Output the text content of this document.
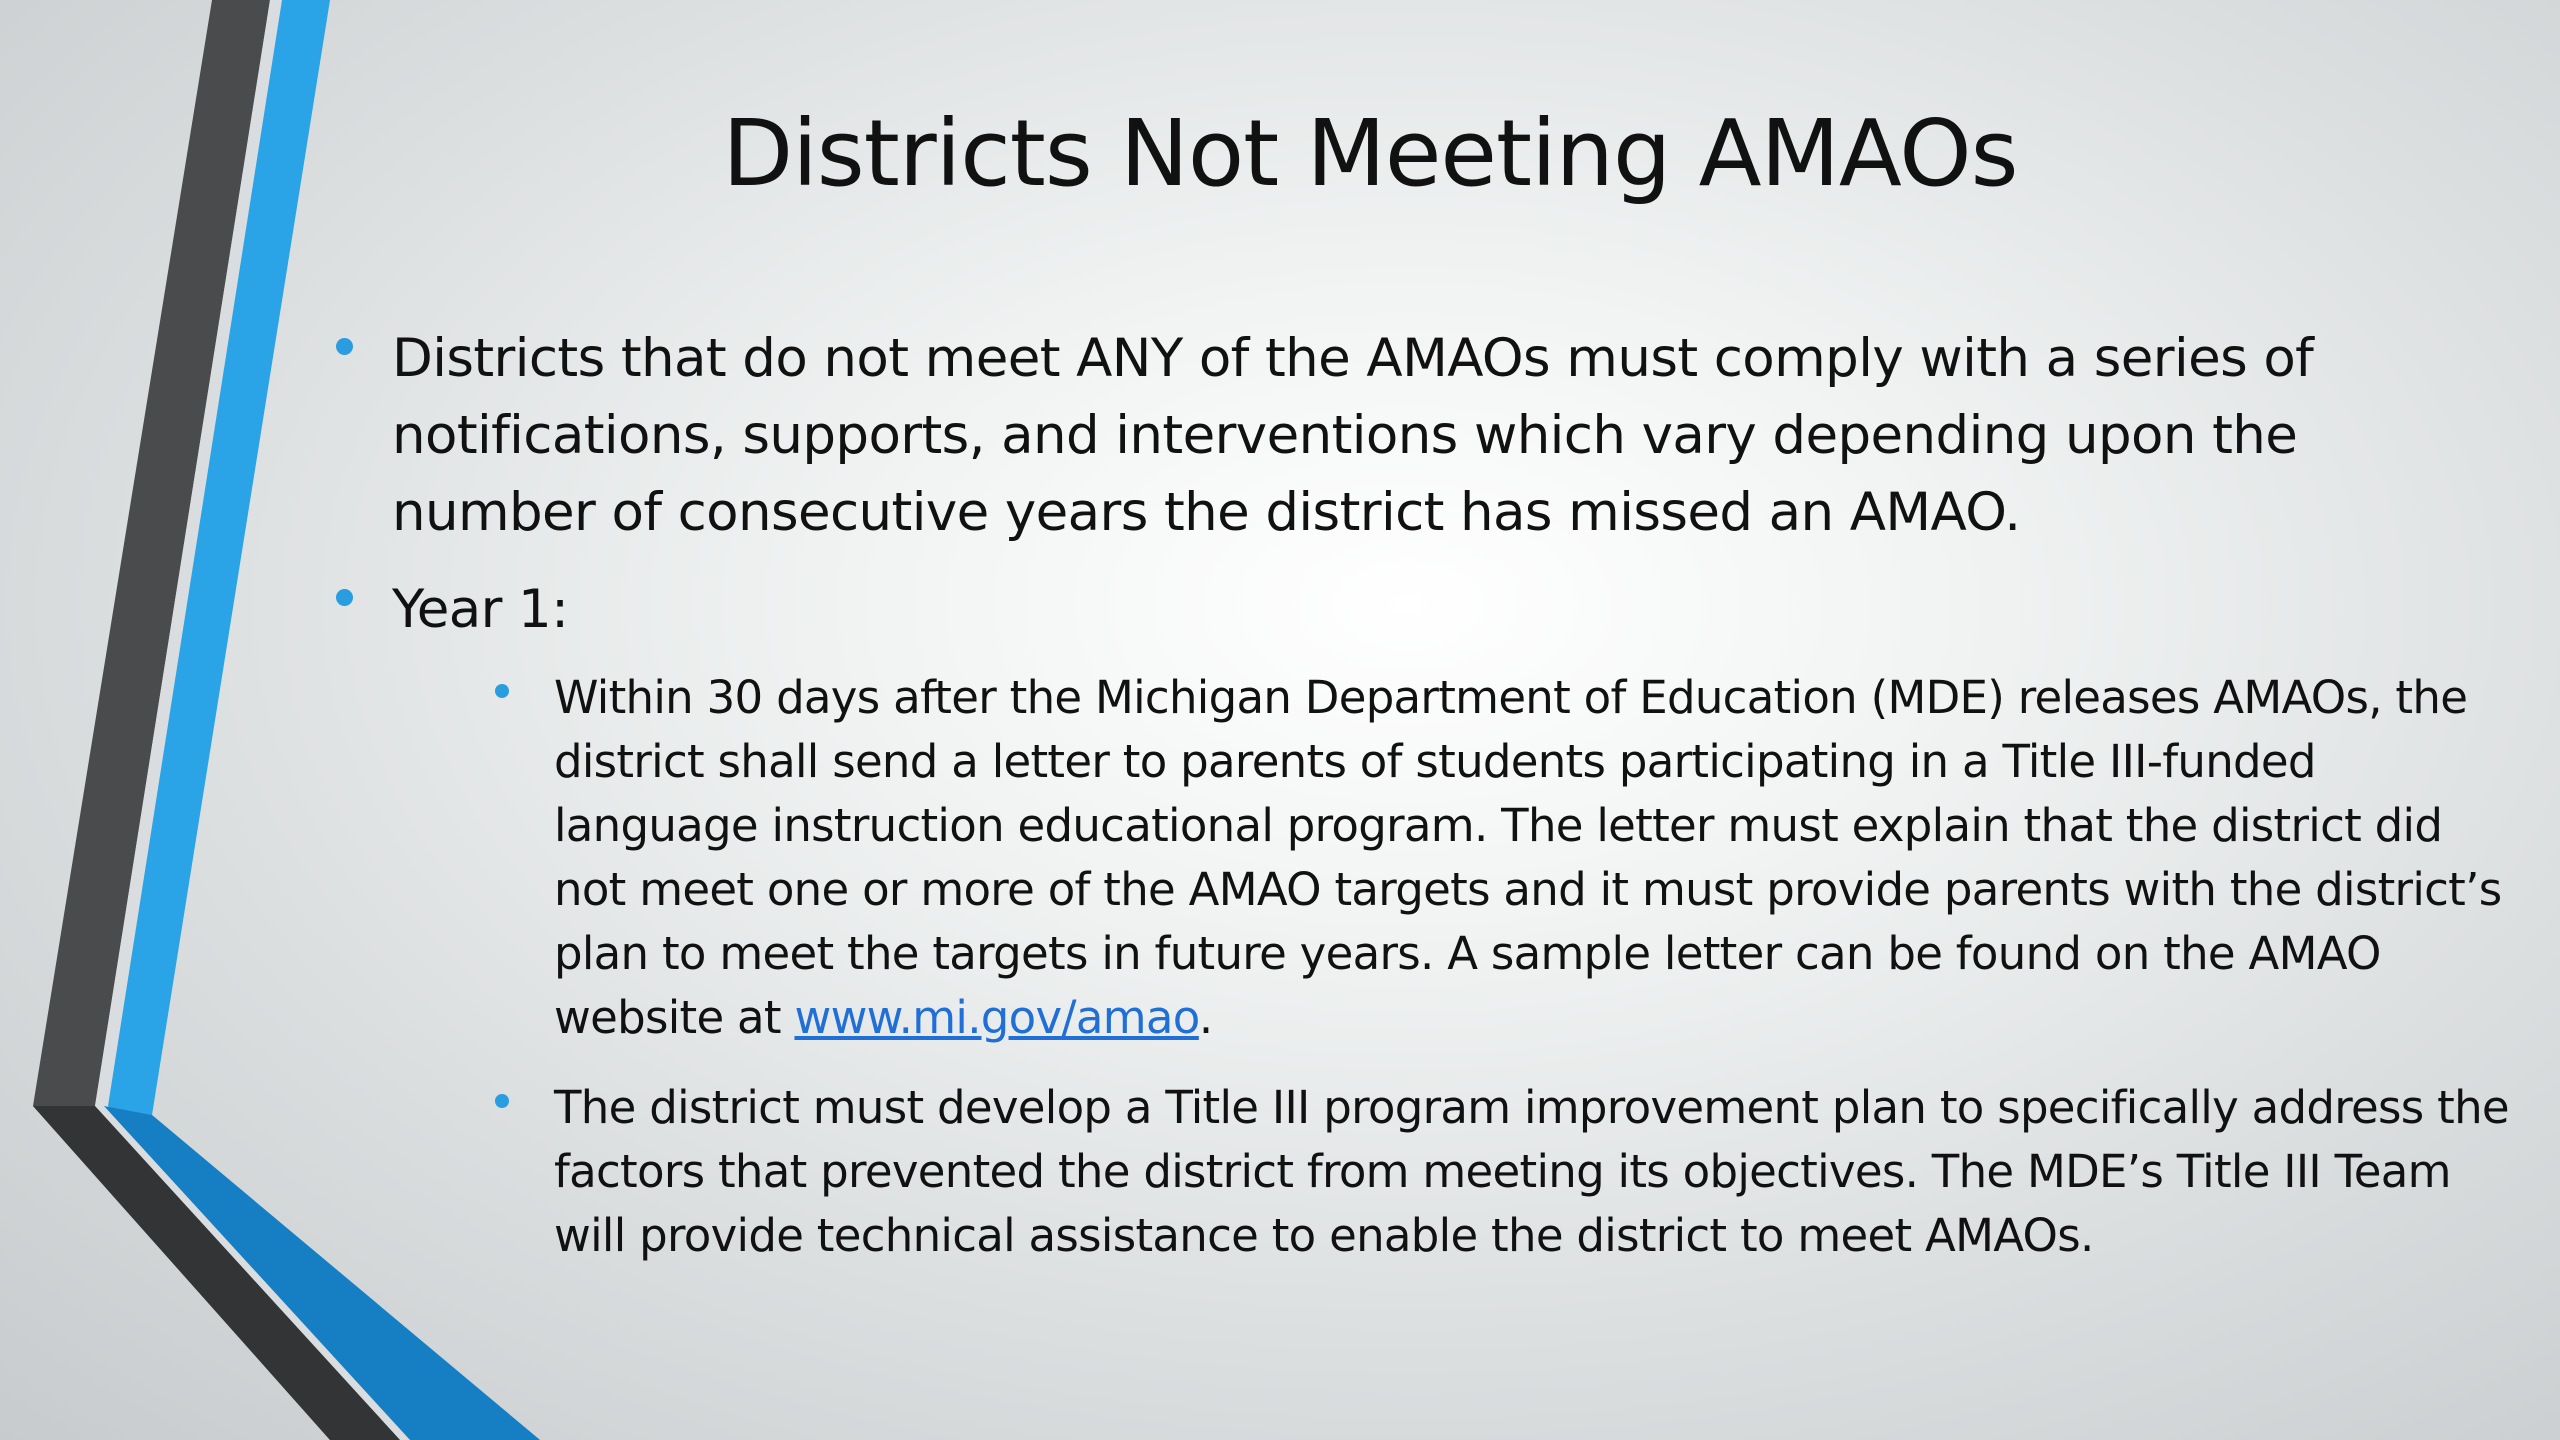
Districts Not Meeting AMAOs
Districts that do not meet ANY of the AMAOs must comply with a series of notifications, supports, and interventions which vary depending upon the number of consecutive years the district has missed an AMAO.
Year 1:
Within 30 days after the Michigan Department of Education (MDE) releases AMAOs, the district shall send a letter to parents of students participating in a Title III-funded language instruction educational program. The letter must explain that the district did not meet one or more of the AMAO targets and it must provide parents with the district’s plan to meet the targets in future years. A sample letter can be found on the AMAO website at www.mi.gov/amao.
The district must develop a Title III program improvement plan to specifically address the factors that prevented the district from meeting its objectives. The MDE’s Title III Team will provide technical assistance to enable the district to meet AMAOs.
